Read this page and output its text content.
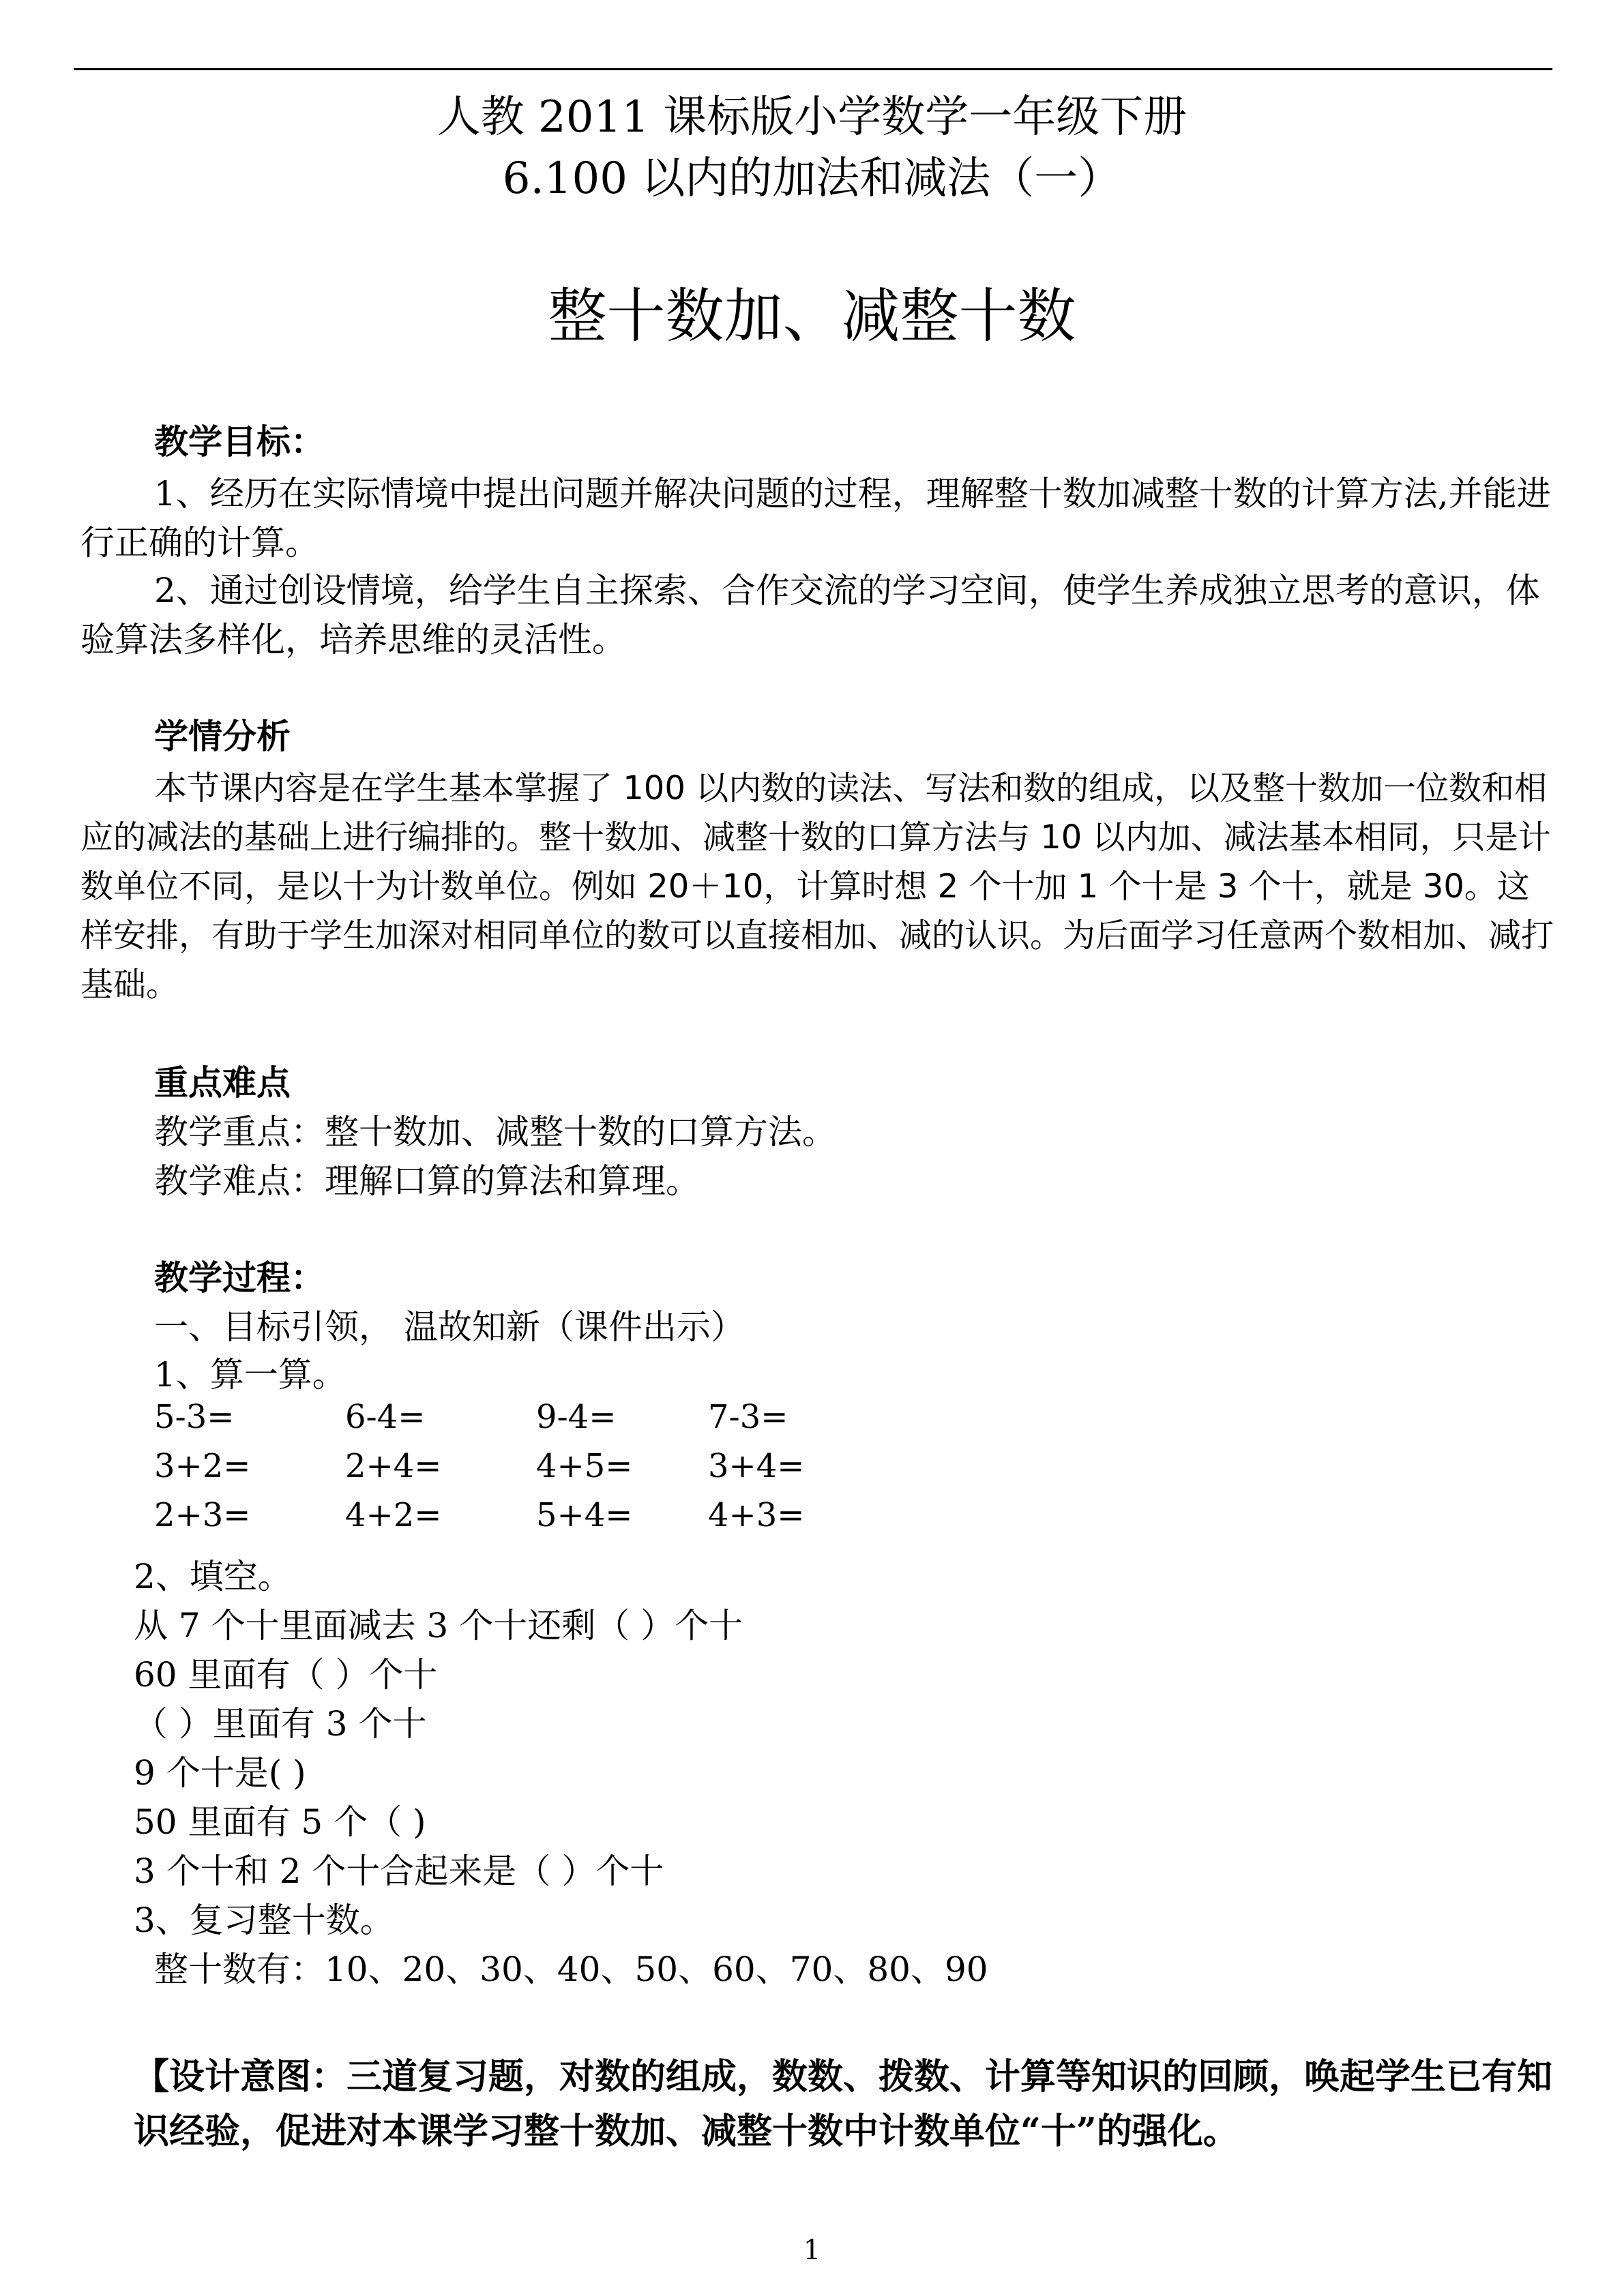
人教 2011 课标版小学数学一年级下册
6.100 以内的加法和减法（一）
整十数加、减整十数
教学目标：
1、经历在实际情境中提出问题并解决问题的过程，理解整十数加减整十数的计算方法,并能进行正确的计算。
2、通过创设情境，给学生自主探索、合作交流的学习空间，使学生养成独立思考的意识，体验算法多样化，培养思维的灵活性。
学情分析
本节课内容是在学生基本掌握了 100 以内数的读法、写法和数的组成，以及整十数加一位数和相应的减法的基础上进行编排的。整十数加、减整十数的口算方法与 10 以内加、减法基本相同，只是计数单位不同，是以十为计数单位。例如 20＋10，计算时想 2 个十加 1 个十是 3 个十，就是 30。这样安排，有助于学生加深对相同单位的数可以直接相加、减的认识。为后面学习任意两个数相加、减打基础。
重点难点
教学重点：整十数加、减整十数的口算方法。
教学难点：理解口算的算法和算理。
教学过程：
一、目标引领， 温故知新（课件出示）
1、算一算。
5-3=	6-4=	9-4=	7-3=
3+2=	2+4=	4+5=	3+4=
2+3=	4+2=	5+4=	4+3=
2、填空。
从 7 个十里面减去 3 个十还剩（ ）个十
60 里面有（ ）个十
（ ）里面有 3 个十
9 个十是( )
50 里面有 5 个（ )
3 个十和 2 个十合起来是（ ）个十
3、复习整十数。
整十数有：10、20、30、40、50、60、70、80、90
【设计意图：三道复习题，对数的组成，数数、拨数、计算等知识的回顾，唤起学生已有知识经验，促进对本课学习整十数加、减整十数中计数单位“十”的强化。
1
